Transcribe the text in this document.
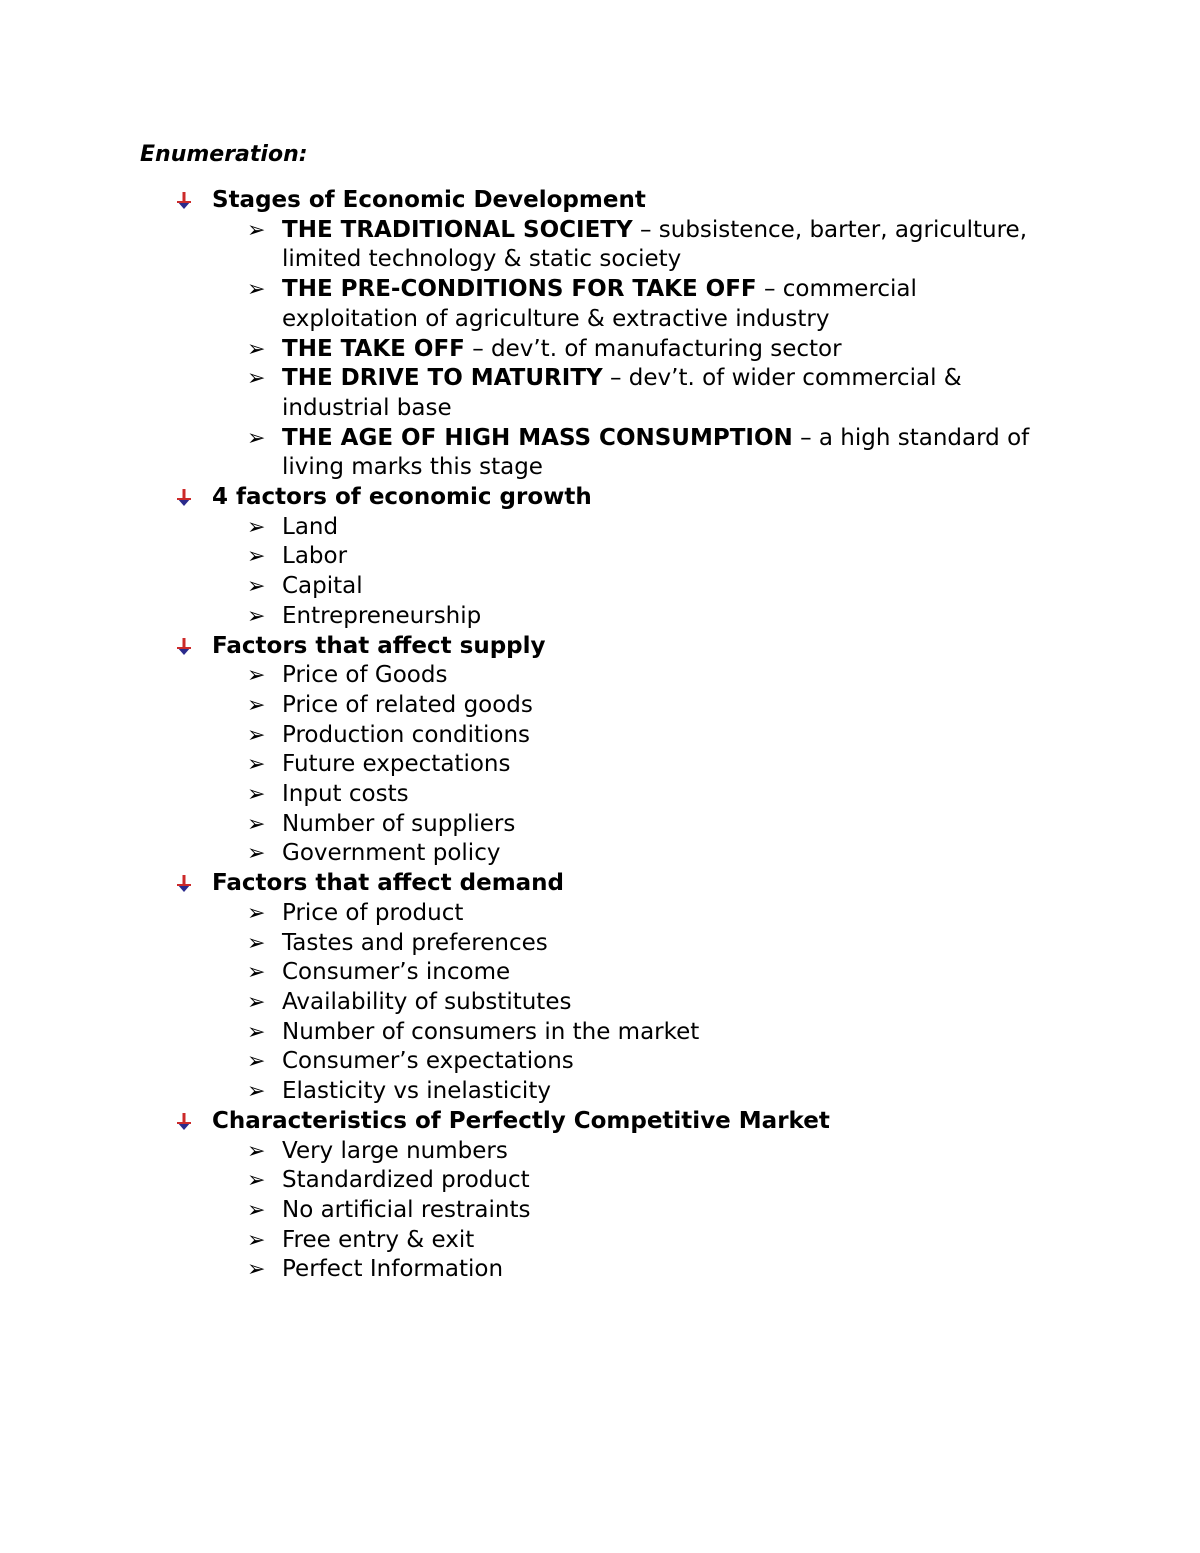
Enumeration:
Stages of Economic Development
➢ THE TRADITIONAL SOCIETY – subsistence, barter, agriculture, limited technology & static society
➢ THE PRE-CONDITIONS FOR TAKE OFF – commercial exploitation of agriculture & extractive industry
➢ THE TAKE OFF – dev’t. of manufacturing sector
➢ THE DRIVE TO MATURITY – dev’t. of wider commercial & industrial base
➢ THE AGE OF HIGH MASS CONSUMPTION – a high standard of living marks this stage
4 factors of economic growth
➢ Land
➢ Labor
➢ Capital
➢ Entrepreneurship
Factors that affect supply
➢ Price of Goods
➢ Price of related goods
➢ Production conditions
➢ Future expectations
➢ Input costs
➢ Number of suppliers
➢ Government policy
Factors that affect demand
➢ Price of product
➢ Tastes and preferences
➢ Consumer’s income
➢ Availability of substitutes
➢ Number of consumers in the market
➢ Consumer’s expectations
➢ Elasticity vs inelasticity
Characteristics of Perfectly Competitive Market
➢ Very large numbers
➢ Standardized product
➢ No artificial restraints
➢ Free entry & exit
➢ Perfect Information
